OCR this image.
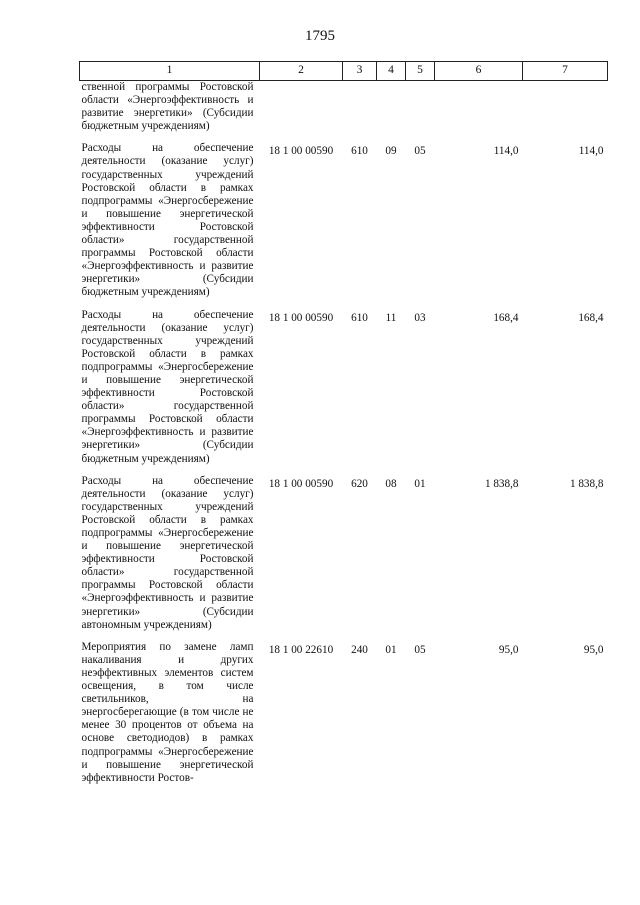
1795
1	2	3	4	5	6	7
ственной программы Ростовской области «Энергоэффективность и развитие энергетики» (Субсидии бюджетным учреждениям)						
Расходы на обеспечение деятельности (оказание услуг) государственных учреждений Ростовской области в рамках подпрограммы «Энергосбережение и повышение энергетической эффективности Ростовской области» государственной программы Ростовской области «Энергоэффективность и развитие энергетики» (Субсидии бюджетным учреждениям)	18 1 00 00590	610	09	05	114,0	114,0
Расходы на обеспечение деятельности (оказание услуг) государственных учреждений Ростовской области в рамках подпрограммы «Энергосбережение и повышение энергетической эффективности Ростовской области» государственной программы Ростовской области «Энергоэффективность и развитие энергетики» (Субсидии бюджетным учреждениям)	18 1 00 00590	610	11	03	168,4	168,4
Расходы на обеспечение деятельности (оказание услуг) государственных учреждений Ростовской области в рамках подпрограммы «Энергосбережение и повышение энергетической эффективности Ростовской области» государственной программы Ростовской области «Энергоэффективность и развитие энергетики» (Субсидии автономным учреждениям)	18 1 00 00590	620	08	01	1 838,8	1 838,8
Мероприятия по замене ламп накаливания и других неэффективных элементов систем освещения, в том числе светильников, на энергосберегающие (в том числе не менее 30 процентов от объема на основе светодиодов) в рамках подпрограммы «Энергосбережение и повышение энергетической эффективности Ростов-	18 1 00 22610	240	01	05	95,0	95,0
